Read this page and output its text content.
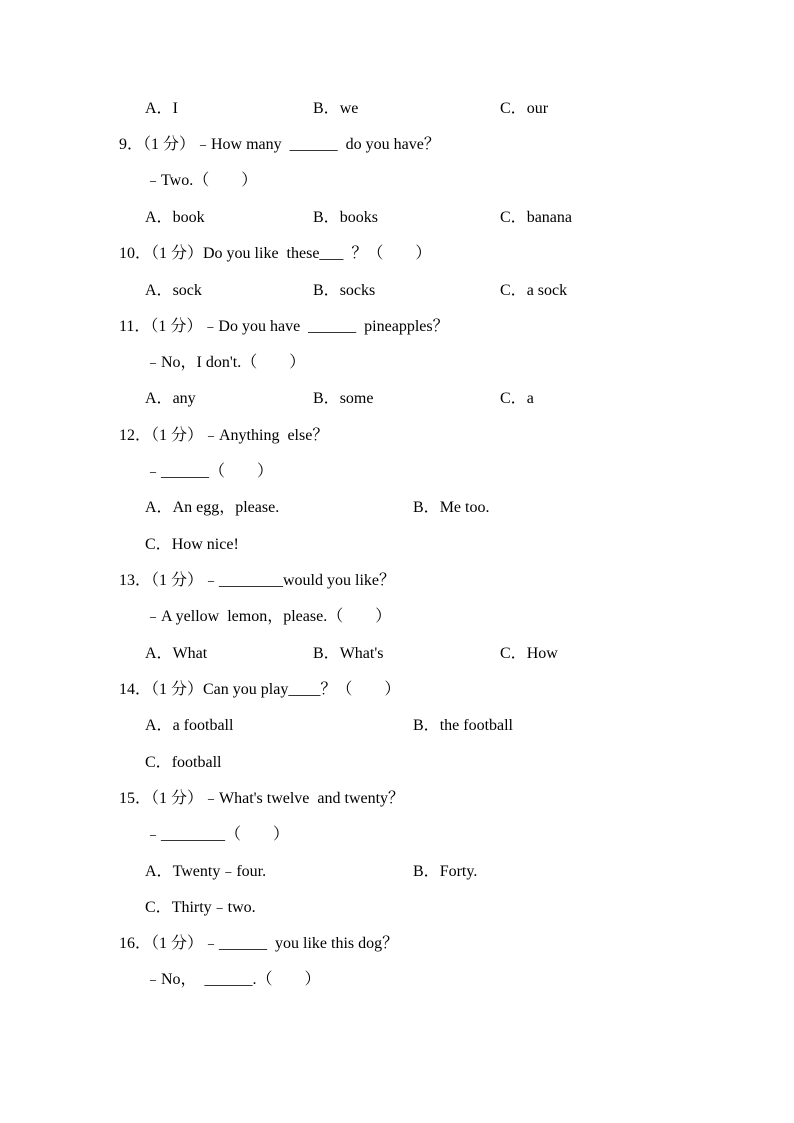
A．I	B．we	C．our
9．（1 分）﹣How many  ______  do you have？
﹣Two.（　　）
A．book	B．books	C．banana
10．（1 分）Do you like  these___  ？（　　）
A．sock	B．socks	C．a sock
11．（1 分）﹣Do you have  ______  pineapples？
﹣No，I don't.（　　）
A．any	B．some	C．a
12．（1 分）﹣Anything  else？
﹣______（　　）
A．An egg，please.	B．Me too.
C．How nice!
13．（1 分）﹣________would you like？
﹣A yellow  lemon，please.（　　）
A．What	B．What's	C．How
14．（1 分）Can you play____？（　　）
A．a football	B．the football
C．football
15．（1 分）﹣What's twelve  and twenty？
﹣________（　　）
A．Twenty﹣four.	B．Forty.
C．Thirty﹣two.
16．（1 分）﹣______  you like this dog？
﹣No，  ______.（　　）
